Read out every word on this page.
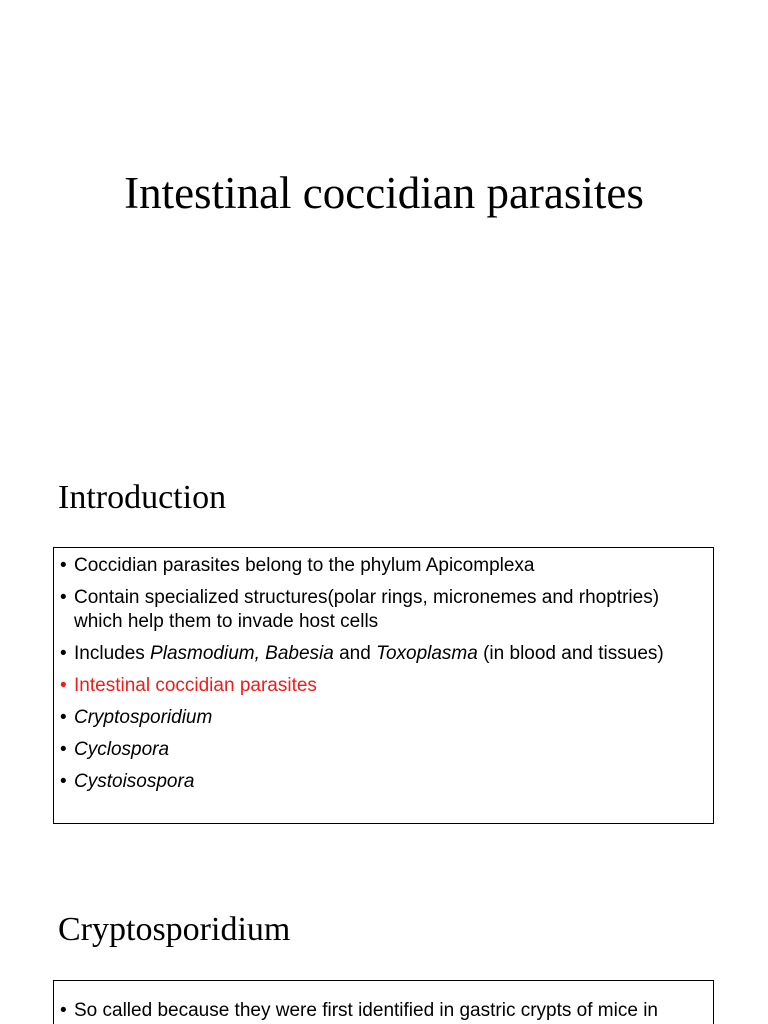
Intestinal coccidian parasites
Introduction
• Coccidian parasites belong to the phylum Apicomplexa
• Contain specialized structures(polar rings, micronemes and rhoptries) which help them to invade host cells
• Includes Plasmodium, Babesia and Toxoplasma (in blood and tissues)
• Intestinal coccidian parasites
• Cryptosporidium
• Cyclospora
• Cystoisospora
Cryptosporidium
• So called because they were first identified in gastric crypts of mice in
